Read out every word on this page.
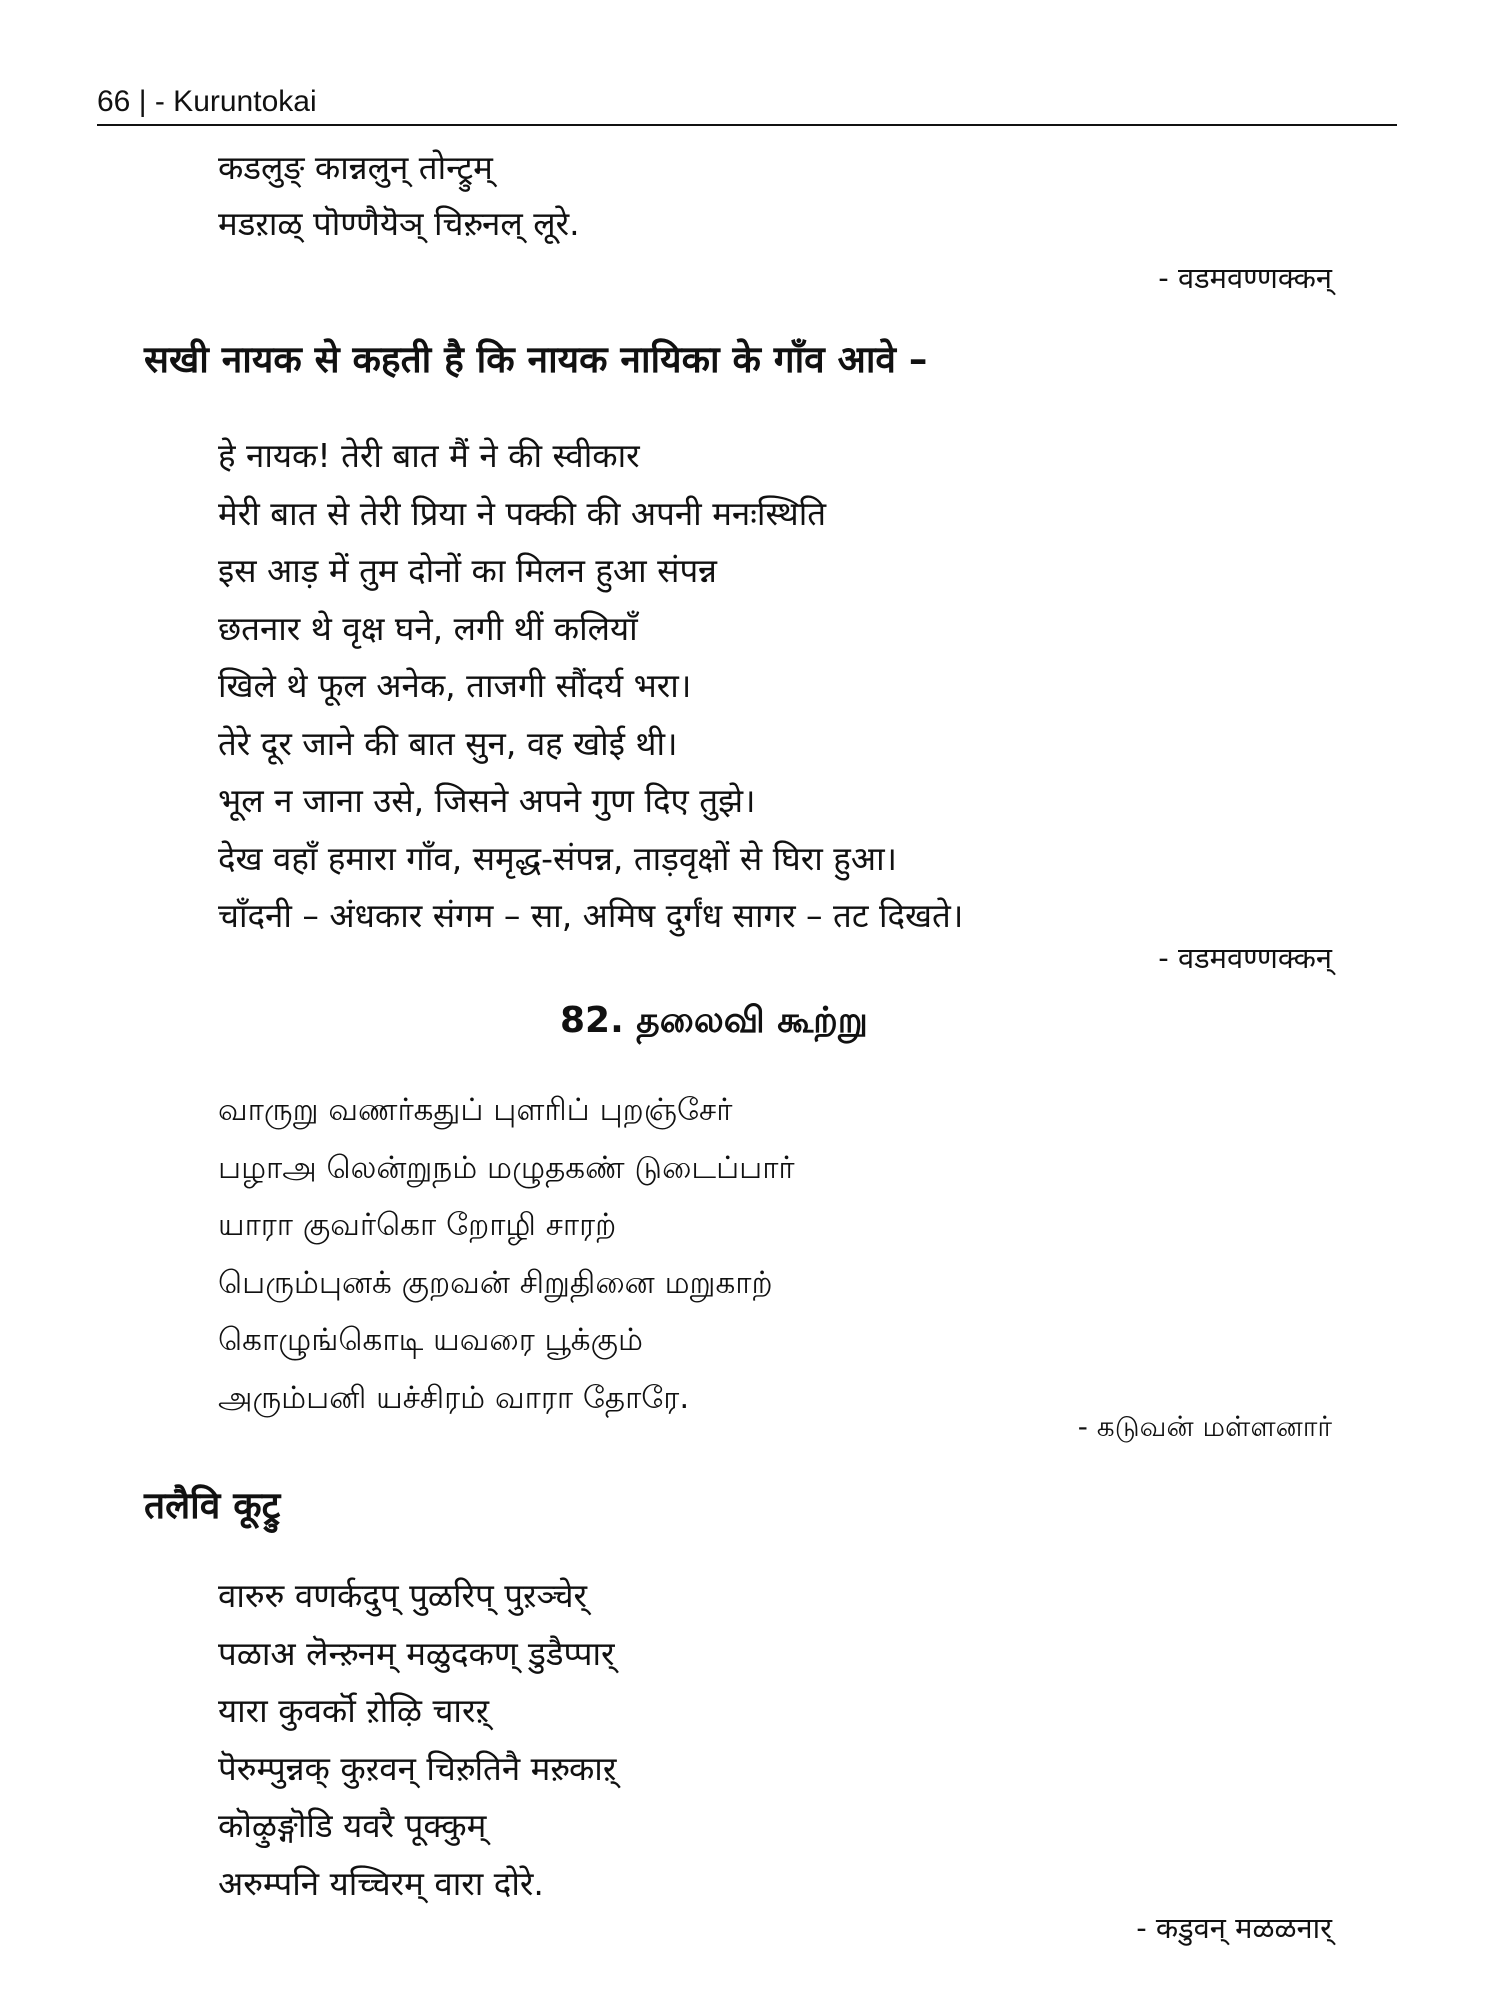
66 | - Kuruntokai
कडलुङ् कान्नलुन् तोन्ट्रुम्
मडऱाळ् पॊण्णैयॆञ् चिऱुनल् लूरे.
- वडमवण्णक्कन्
सखी नायक से कहती है कि नायक नायिका के गाँव आवे –
हे नायक! तेरी बात मैं ने की स्वीकार
मेरी बात से तेरी प्रिया ने पक्की की अपनी मनःस्थिति
इस आड़ में तुम दोनों का मिलन हुआ संपन्न
छतनार थे वृक्ष घने, लगी थीं कलियाँ
खिले थे फूल अनेक, ताजगी सौंदर्य भरा।
तेरे दूर जाने की बात सुन, वह खोई थी।
भूल न जाना उसे, जिसने अपने गुण दिए तुझे।
देख वहाँ हमारा गाँव, समृद्ध-संपन्न, ताड़वृक्षों से घिरा हुआ।
चाँदनी – अंधकार संगम – सा, अमिष दुर्गंध सागर – तट दिखते।
- वडमवण्णक्कन्
82. தலைவி கூற்று
வாருறு வணர்கதுப் புளரிப் புறஞ்சேர்
பழாஅ லென்றுநம் மழுதகண் டுடைப்பார்
யாரா குவர்கொ றோழி சாரற்
பெரும்புனக் குறவன் சிறுதினை மறுகாற்
கொழுங்கொடி யவரை பூக்கும்
அரும்பனி யச்சிரம் வாரா தோரே.
- கடுவன் மள்ளனார்
तलैवि कूट्रु
वारुरु वणर्कदुप् पुळरिप् पुऱञ्चेर्
पळाअ लॆन्ऱुनम् मळुदकण् डुडैप्पार्
यारा कुवर्कॊ ऱोऴि चारऱ्
पॆरुम्पुन्नक् कुऱवन् चिऱुतिनै मऱुकाऱ्
कॊऴुङ्गॊडि यवरै पूक्कुम्
अरुम्पनि यच्चिरम् वारा दोरे.
- कडुवन् मळळनार्
